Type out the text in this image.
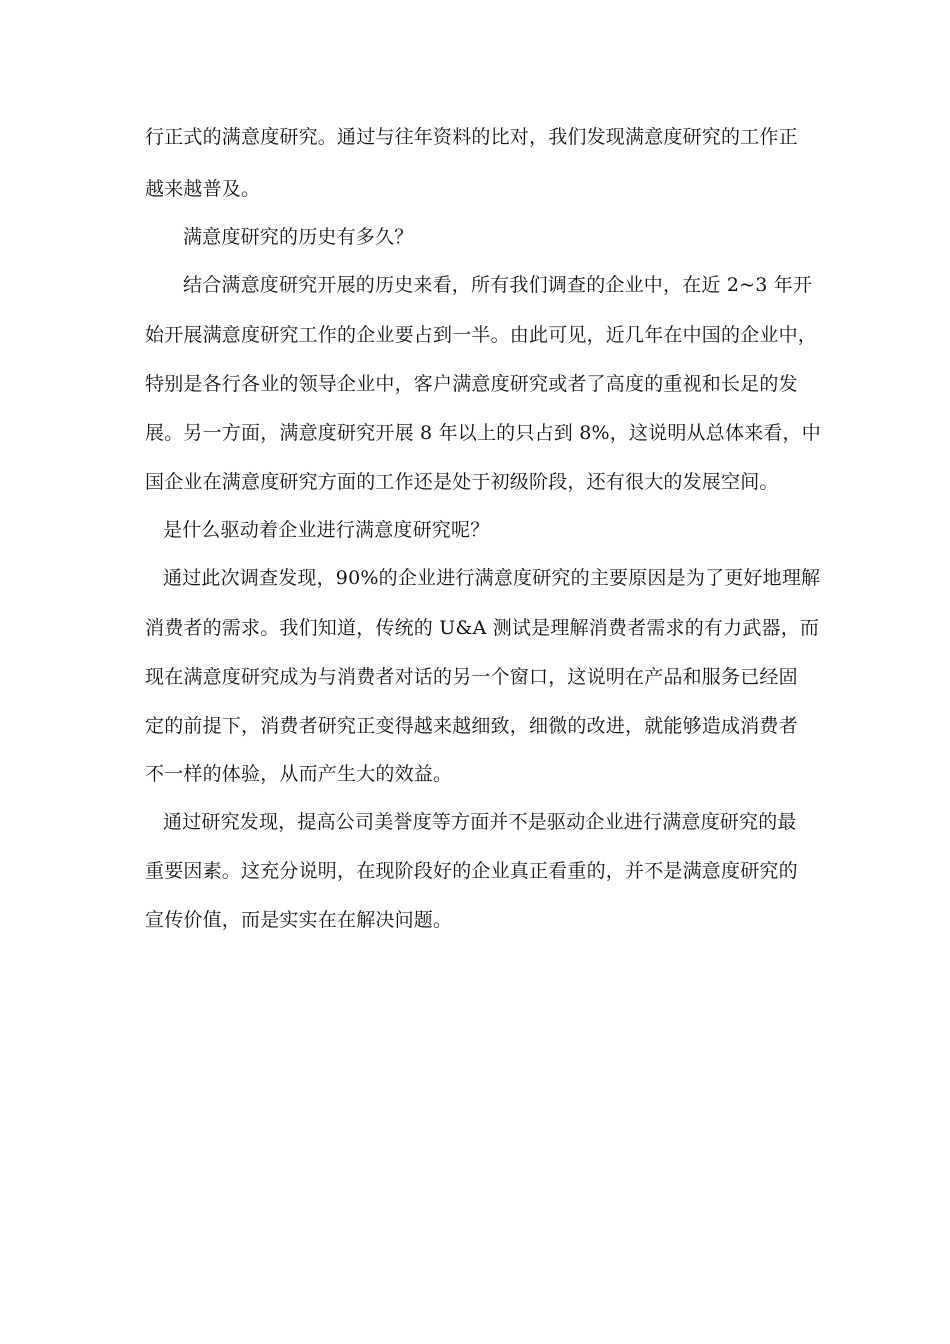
行正式的满意度研究。通过与往年资料的比对，我们发现满意度研究的工作正
越来越普及。
满意度研究的历史有多久？
结合满意度研究开展的历史来看，所有我们调查的企业中，在近 2~3 年开
始开展满意度研究工作的企业要占到一半。由此可见，近几年在中国的企业中，
特别是各行各业的领导企业中，客户满意度研究或者了高度的重视和长足的发
展。另一方面，满意度研究开展 8 年以上的只占到 8%，这说明从总体来看，中
国企业在满意度研究方面的工作还是处于初级阶段，还有很大的发展空间。
是什么驱动着企业进行满意度研究呢？
通过此次调查发现，90%的企业进行满意度研究的主要原因是为了更好地理解
消费者的需求。我们知道，传统的 U&A 测试是理解消费者需求的有力武器，而
现在满意度研究成为与消费者对话的另一个窗口，这说明在产品和服务已经固
定的前提下，消费者研究正变得越来越细致，细微的改进，就能够造成消费者
不一样的体验，从而产生大的效益。
通过研究发现，提高公司美誉度等方面并不是驱动企业进行满意度研究的最
重要因素。这充分说明，在现阶段好的企业真正看重的，并不是满意度研究的
宣传价值，而是实实在在解决问题。
